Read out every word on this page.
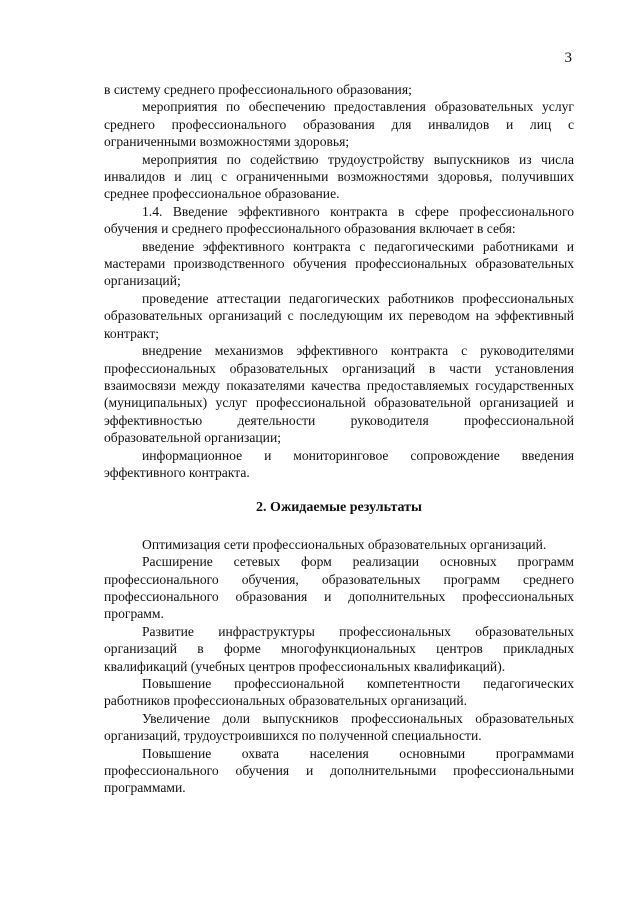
3

в систему среднего профессионального образования;

мероприятия по обеспечению предоставления образовательных услуг среднего профессионального образования для инвалидов и лиц с ограниченными возможностями здоровья;

мероприятия по содействию трудоустройству выпускников из числа инвалидов и лиц с ограниченными возможностями здоровья, получивших среднее профессиональное образование.

1.4. Введение эффективного контракта в сфере профессионального обучения и среднего профессионального образования включает в себя:

введение эффективного контракта с педагогическими работниками и мастерами производственного обучения профессиональных образовательных организаций;

проведение аттестации педагогических работников профессиональных образовательных организаций с последующим их переводом на эффективный контракт;

внедрение механизмов эффективного контракта с руководителями профессиональных образовательных организаций в части установления взаимосвязи между показателями качества предоставляемых государственных (муниципальных) услуг профессиональной образовательной организацией и эффективностью деятельности руководителя профессиональной образовательной организации;

информационное и мониторинговое сопровождение введения эффективного контракта.

2. Ожидаемые результаты

Оптимизация сети профессиональных образовательных организаций.

Расширение сетевых форм реализации основных программ профессионального обучения, образовательных программ среднего профессионального образования и дополнительных профессиональных программ.

Развитие инфраструктуры профессиональных образовательных организаций в форме многофункциональных центров прикладных квалификаций (учебных центров профессиональных квалификаций).

Повышение профессиональной компетентности педагогических работников профессиональных образовательных организаций.

Увеличение доли выпускников профессиональных образовательных организаций, трудоустроившихся по полученной специальности.

Повышение охвата населения основными программами профессионального обучения и дополнительными профессиональными программами.
